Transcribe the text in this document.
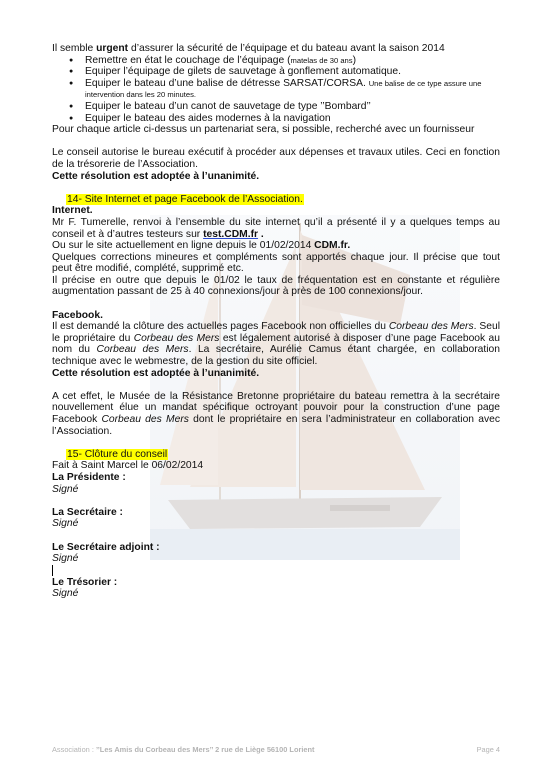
Il semble urgent d’assurer la sécurité de l’équipage et du bateau avant la saison 2014

● Remettre en état le couchage de l’équipage (matelas de 30 ans)
● Equiper l’équipage de gilets de sauvetage à gonflement automatique.
● Equiper le bateau d’une balise de détresse SARSAT/CORSA. Une balise de ce type assure une intervention dans les 20 minutes.
● Equiper le bateau d’un canot de sauvetage de type ’’Bombard’’
● Equiper le bateau des aides modernes à la navigation

Pour chaque article ci-dessus un partenariat sera, si possible, recherché avec un fournisseur

Le conseil autorise le bureau exécutif à procéder aux dépenses et travaux utiles. Ceci en fonction de la trésorerie de l’Association.

Cette résolution est adoptée à l’unanimité.

14- Site Internet et page Facebook de l’Association.

Internet.

Mr F. Tumerelle, renvoi à l’ensemble du site internet qu’il a présenté il y a quelques temps au conseil et à d’autres testeurs sur test.CDM.fr .

Ou sur le site actuellement en ligne depuis le 01/02/2014 CDM.fr.

Quelques corrections mineures et compléments sont apportés chaque jour. Il précise que tout peut être modifié, complété, supprimé etc.

Il précise en outre que depuis le 01/02 le taux de fréquentation est en constante et régulière augmentation passant de 25 à 40 connexions/jour à près de 100 connexions/jour.

Facebook.

Il est demandé la clôture des actuelles pages Facebook non officielles du Corbeau des Mers. Seul le propriétaire du Corbeau des Mers est légalement autorisé à disposer d’une page Facebook au nom du Corbeau des Mers. La secrétaire, Aurélie Camus étant chargée, en collaboration technique avec le webmestre, de la gestion du site officiel.

Cette résolution est adoptée à l’unanimité.

A cet effet, le Musée de la Résistance Bretonne propriétaire du bateau remettra à la secrétaire nouvellement élue un mandat spécifique octroyant pouvoir pour la construction d’une page Facebook Corbeau des Mers dont le propriétaire en sera l’administrateur en collaboration avec l’Association.

15- Clôture du conseil

Fait à Saint Marcel le 06/02/2014

La Présidente :

Signé

La Secrétaire :

Signé

Le Secrétaire adjoint :

Signé

Le Trésorier :

Signé

Association : ’’Les Amis du Corbeau des Mers’’ 2 rue de Liège 56100 Lorient	Page 4
